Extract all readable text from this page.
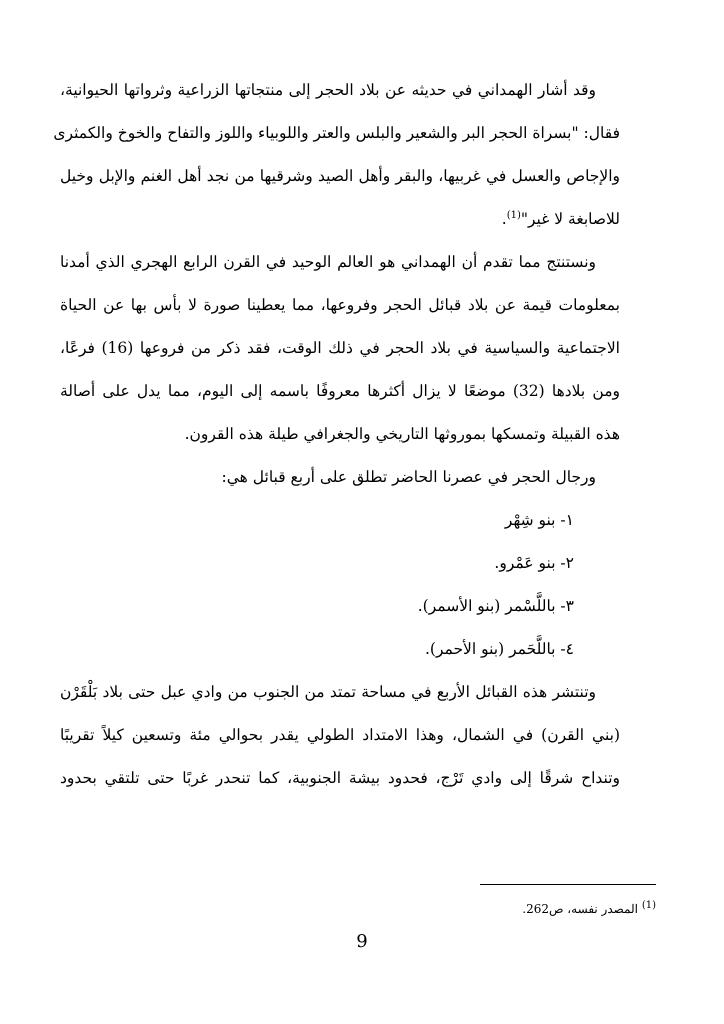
وقد أشار الهمداني في حديثه عن بلاد الحجر إلى منتجاتها الزراعية وثرواتها الحيوانية،
فقال: "بسراة الحجر البر والشعير والبلس والعتر واللوبياء واللوز والتفاح والخوخ والكمثرى
والإجاص والعسل في غربيها، والبقر وأهل الصيد وشرقيها من نجد أهل الغنم والإبل وخيل
للاصابغة لا غير"$^{(1)}$.
ونستنتج مما تقدم أن الهمداني هو العالم الوحيد في القرن الرابع الهجري الذي أمدنا
بمعلومات قيمة عن بلاد قبائل الحجر وفروعها، مما يعطينا صورة لا بأس بها عن الحياة
الاجتماعية والسياسية في بلاد الحجر في ذلك الوقت، فقد ذكر من فروعها (16) فرعًا،
ومن بلادها (32) موضعًا لا يزال أكثرها معروفًا باسمه إلى اليوم، مما يدل على أصالة
هذه القبيلة وتمسكها بموروثها التاريخي والجغرافي طيلة هذه القرون.
ورجال الحجر في عصرنا الحاضر تطلق على أربع قبائل هي:
١- بنو شِهْر
٢- بنو عَمْرو.
٣- باللَّسْمر (بنو الأسمر).
٤- باللَّحَمر (بنو الأحمر).
وتنتشر هذه القبائل الأربع في مساحة تمتد من الجنوب من وادي عبل حتى بلاد بَلْقَرْن
(بني القرن) في الشمال، وهذا الامتداد الطولي يقدر بحوالي مئة وتسعين كيلاً تقريبًا
وتنداح شرقًا إلى وادي تَرْج، فحدود بيشة الجنوبية، كما تنحدر غربًا حتى تلتقي بحدود
$^{(1)}$ المصدر نفسه، ص262.
9
